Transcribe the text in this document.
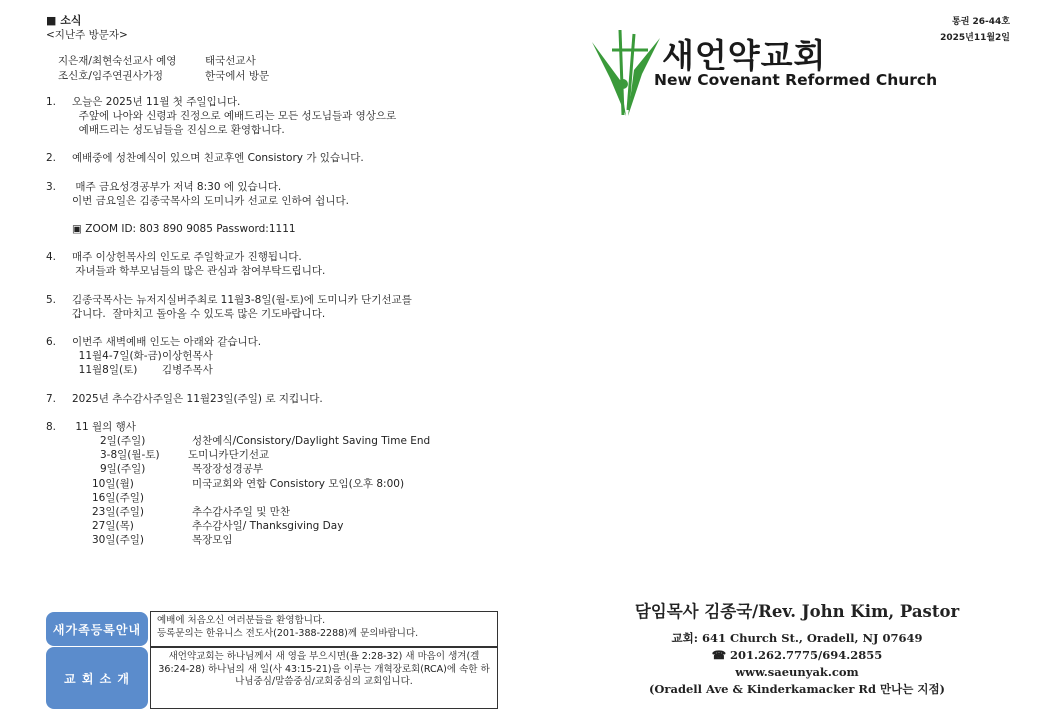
통권 26-44호
2025년11월2일
새언약교회
New Covenant Reformed Church
■ 소식
<지난주 방문자>
지은재/최현숙선교사 예영	태국선교사
조신호/임주연권사가정	한국에서 방문
1.	오늘은 2025년 11월 첫 주일입니다.
주앞에 나아와 신령과 진정으로 예배드리는 모든 성도님들과 영상으로
예배드리는 성도님들을 진심으로 환영합니다.
2.	예배중에 성찬예식이 있으며 친교후엔 Consistory 가 있습니다.
3.	매주 금요성경공부가 저녁 8:30 에 있습니다.
이번 금요일은 김종국목사의 도미니카 선교로 인하여 쉽니다.
▣ ZOOM ID: 803 890 9085 Password:1111
4.	매주 이상헌목사의 인도로 주일학교가 진행됩니다.
자녀들과 학부모님들의 많은 관심과 참여부탁드립니다.
5.	김종국목사는 뉴저지실버주최로 11월3-8일(월-토)에 도미니카 단기선교를
갑니다.  잘마치고 돌아올 수 있도록 많은 기도바랍니다.
6.	이번주 새벽예배 인도는 아래와 같습니다.
11월4-7일(화-금) 이상헌목사
11월8일(토)	김병주목사
7.	2025년 추수감사주일은 11월23일(주일) 로 지킵니다.
8.	11 월의 행사
2일(주일)	성찬예식/Consistory/Daylight Saving Time End
3-8일(월-토)	도미니카단기선교
9일(주일)	목장장성경공부
10일(월)	미국교회와 연합 Consistory 모임(오후 8:00)
16일(주일)
23일(주일)	추수감사주일 및 만찬
27일(목)	추수감사일/ Thanksgiving Day
30일(주일)	목장모임
새가족등록안내
예배에 처음오신 여러분들을 환영합니다.
등록문의는 한유니스 전도사(201-388-2288)께 문의바랍니다.
교 회 소 개
새언약교회는 하나님께서 새 영을 부으시면(욜 2:28-32) 새 마음이 생겨(겔 36:24-28) 하나님의 새 일(사 43:15-21)을 이루는 개혁장로회(RCA)에 속한 하나님중심/말씀중심/교회중심의 교회입니다.
담임목사 김종국/Rev. John Kim, Pastor
교회: 641 Church St., Oradell, NJ 07649
☎ 201.262.7775/694.2855
www.saeunyak.com
(Oradell Ave & Kinderkamacker Rd 만나는 지점)
